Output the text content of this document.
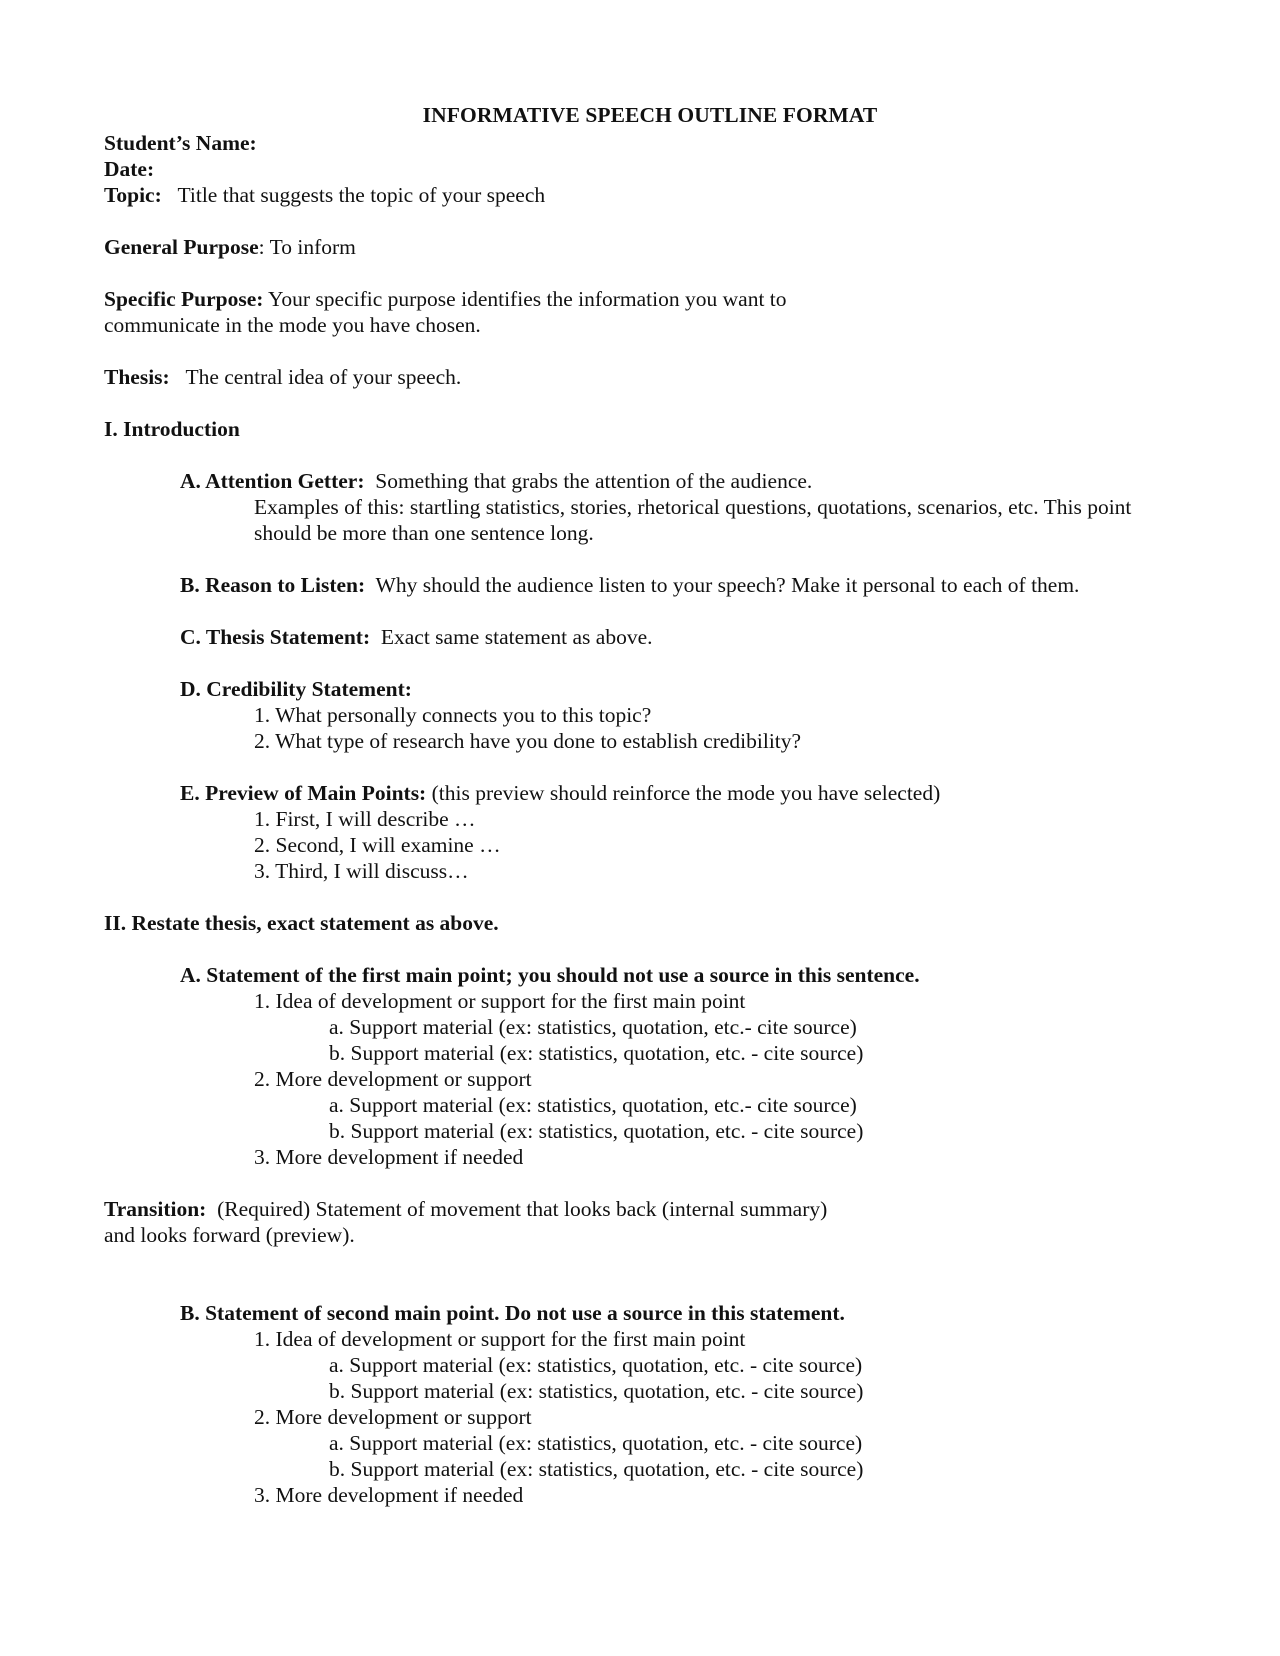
INFORMATIVE SPEECH OUTLINE FORMAT
Student’s Name:
Date:
Topic: Title that suggests the topic of your speech
General Purpose: To inform
Specific Purpose: Your specific purpose identifies the information you want to
communicate in the mode you have chosen.
Thesis: The central idea of your speech.
I. Introduction
A. Attention Getter: Something that grabs the attention of the audience.
Examples of this: startling statistics, stories, rhetorical questions, quotations, scenarios, etc. This point
should be more than one sentence long.
B. Reason to Listen: Why should the audience listen to your speech? Make it personal to each of them.
C. Thesis Statement: Exact same statement as above.
D. Credibility Statement:
1. What personally connects you to this topic?
2. What type of research have you done to establish credibility?
E. Preview of Main Points: (this preview should reinforce the mode you have selected)
1. First, I will describe …
2. Second, I will examine …
3. Third, I will discuss…
II. Restate thesis, exact statement as above.
A. Statement of the first main point; you should not use a source in this sentence.
1. Idea of development or support for the first main point
a. Support material (ex: statistics, quotation, etc.- cite source)
b. Support material (ex: statistics, quotation, etc. - cite source)
2. More development or support
a. Support material (ex: statistics, quotation, etc.- cite source)
b. Support material (ex: statistics, quotation, etc. - cite source)
3. More development if needed
Transition: (Required) Statement of movement that looks back (internal summary)
and looks forward (preview).
B. Statement of second main point. Do not use a source in this statement.
1. Idea of development or support for the first main point
a. Support material (ex: statistics, quotation, etc. - cite source)
b. Support material (ex: statistics, quotation, etc. - cite source)
2. More development or support
a. Support material (ex: statistics, quotation, etc. - cite source)
b. Support material (ex: statistics, quotation, etc. - cite source)
3. More development if needed
